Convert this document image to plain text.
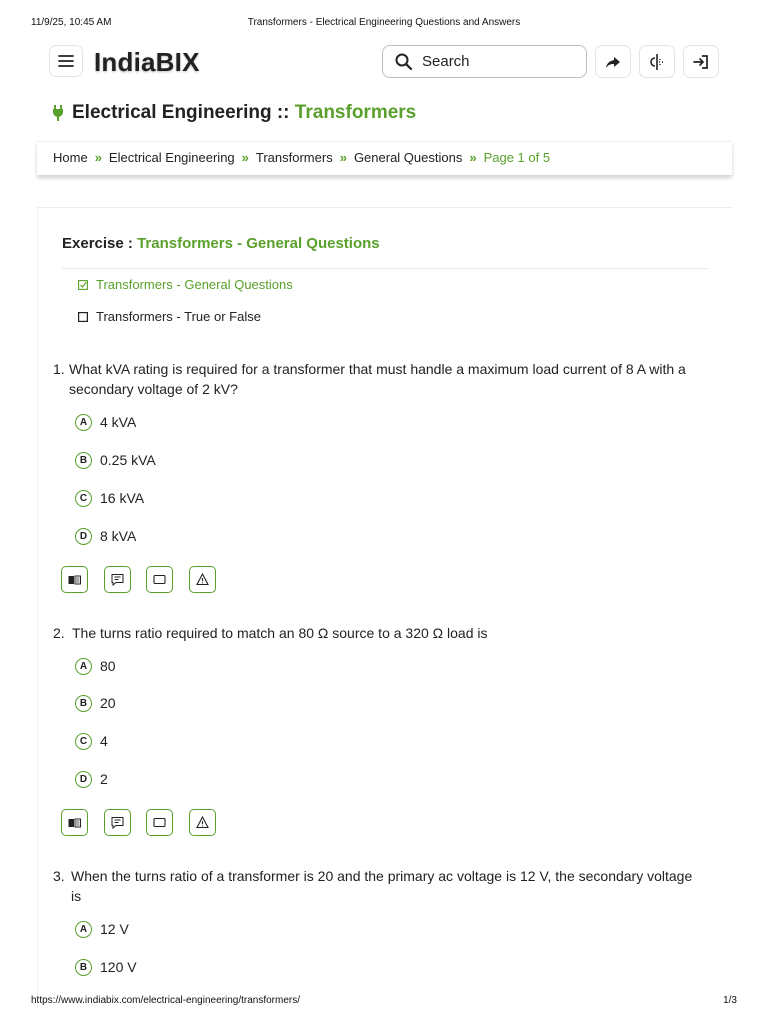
11/9/25, 10:45 AM	Transformers - Electrical Engineering Questions and Answers
IndiaBIX	Search
Electrical Engineering
::
Transformers
Home » Electrical Engineering » Transformers » General Questions » Page 1 of 5
Exercise : Transformers - General Questions
Transformers - General Questions
Transformers - True or False
1. What kVA rating is required for a transformer that must handle a maximum load current of 8 A with a secondary voltage of 2 kV?
A 4 kVA
B 0.25 kVA
C 16 kVA
D 8 kVA
2. The turns ratio required to match an 80 Ω source to a 320 Ω load is
A 80
B 20
C 4
D 2
3. When the turns ratio of a transformer is 20 and the primary ac voltage is 12 V, the secondary voltage is
A 12 V
B 120 V
https://www.indiabix.com/electrical-engineering/transformers/	1/3
